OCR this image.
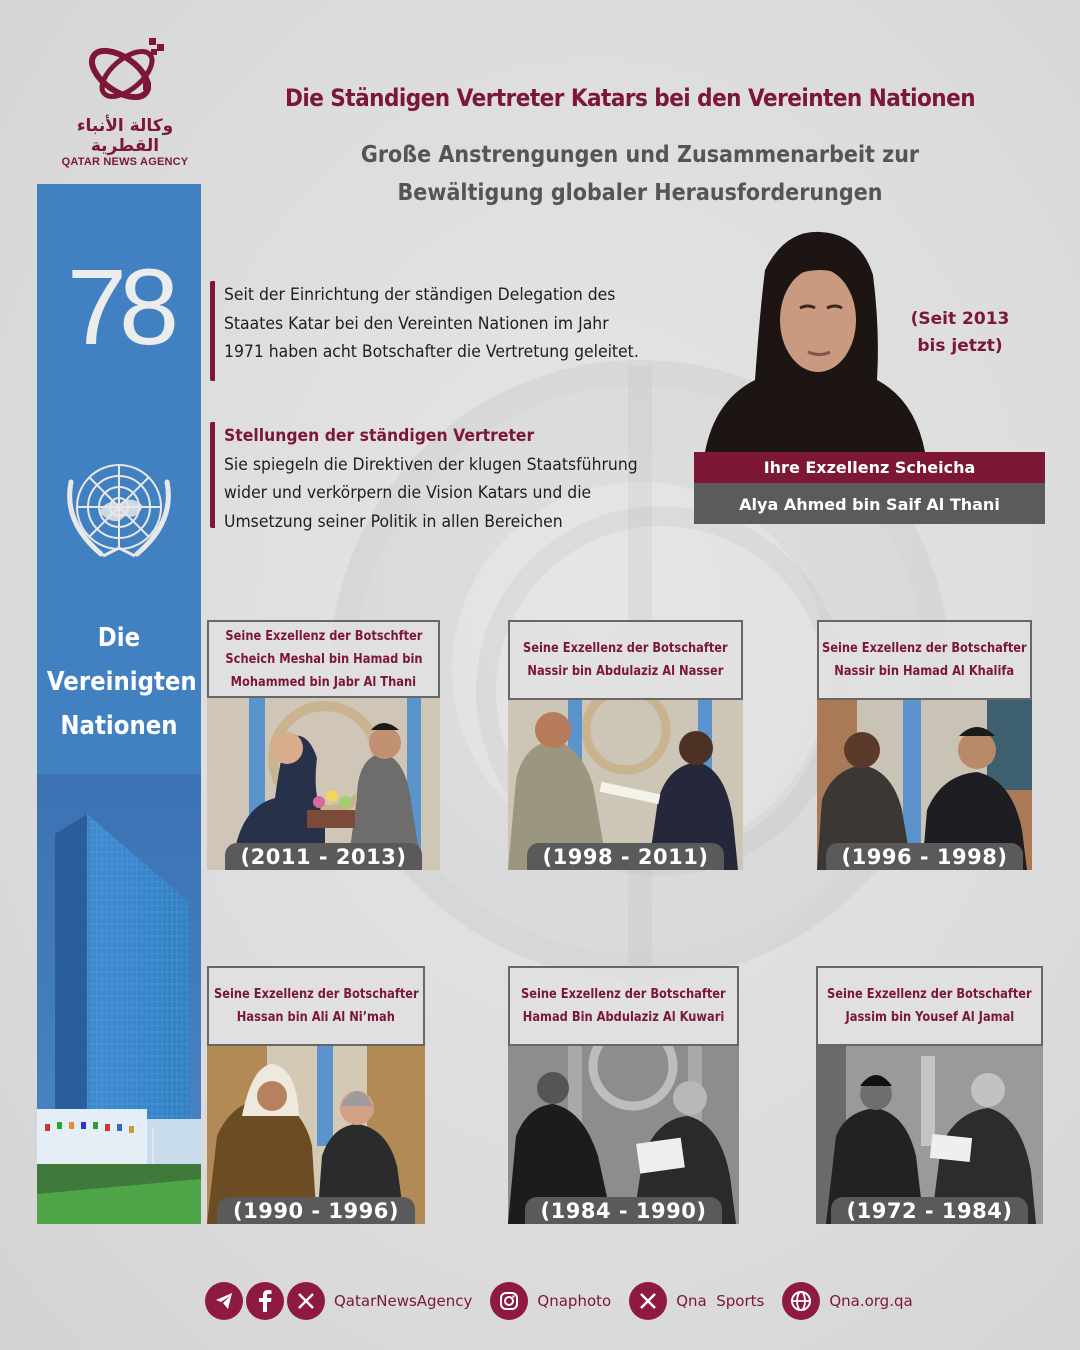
وكالة الأنباء القطرية
QATAR NEWS AGENCY
Die Ständigen Vertreter Katars bei den Vereinten Nationen
Große Anstrengungen und Zusammenarbeit zur
Bewältigung globaler Herausforderungen
78
Die
Vereinigten
Nationen

Seit der Einrichtung der ständigen Delegation des

Staates Katar bei den Vereinten Nationen im Jahr

1971 haben acht Botschafter die Vertretung geleitet.

Stellungen der ständigen Vertreter

Sie spiegeln die Direktiven der klugen Staatsführung

wider und verkörpern die Vision Katars und die

Umsetzung seiner Politik in allen Bereichen

(Seit 2013
bis jetzt)
Ihre Exzellenz Scheicha
Alya Ahmed bin Saif Al Thani
Seine Exzellenz der Botschfter
Scheich Meshal bin Hamad bin
Mohammed bin Jabr Al Thani
(2011 - 2013)
Seine Exzellenz der Botschafter
Nassir bin Abdulaziz Al Nasser
(1998 - 2011)
Seine Exzellenz der Botschafter
Nassir bin Hamad Al Khalifa
(1996 - 1998)
Seine Exzellenz der Botschafter
Hassan bin Ali Al Ni’mah
(1990 - 1996)
Seine Exzellenz der Botschafter
Hamad Bin Abdulaziz Al Kuwari
(1984 - 1990)
Seine Exzellenz der Botschafter
Jassim bin Yousef Al Jamal
(1972 - 1984)
QatarNewsAgency	Qnaphoto	Qna  Sports	Qna.org.qa
